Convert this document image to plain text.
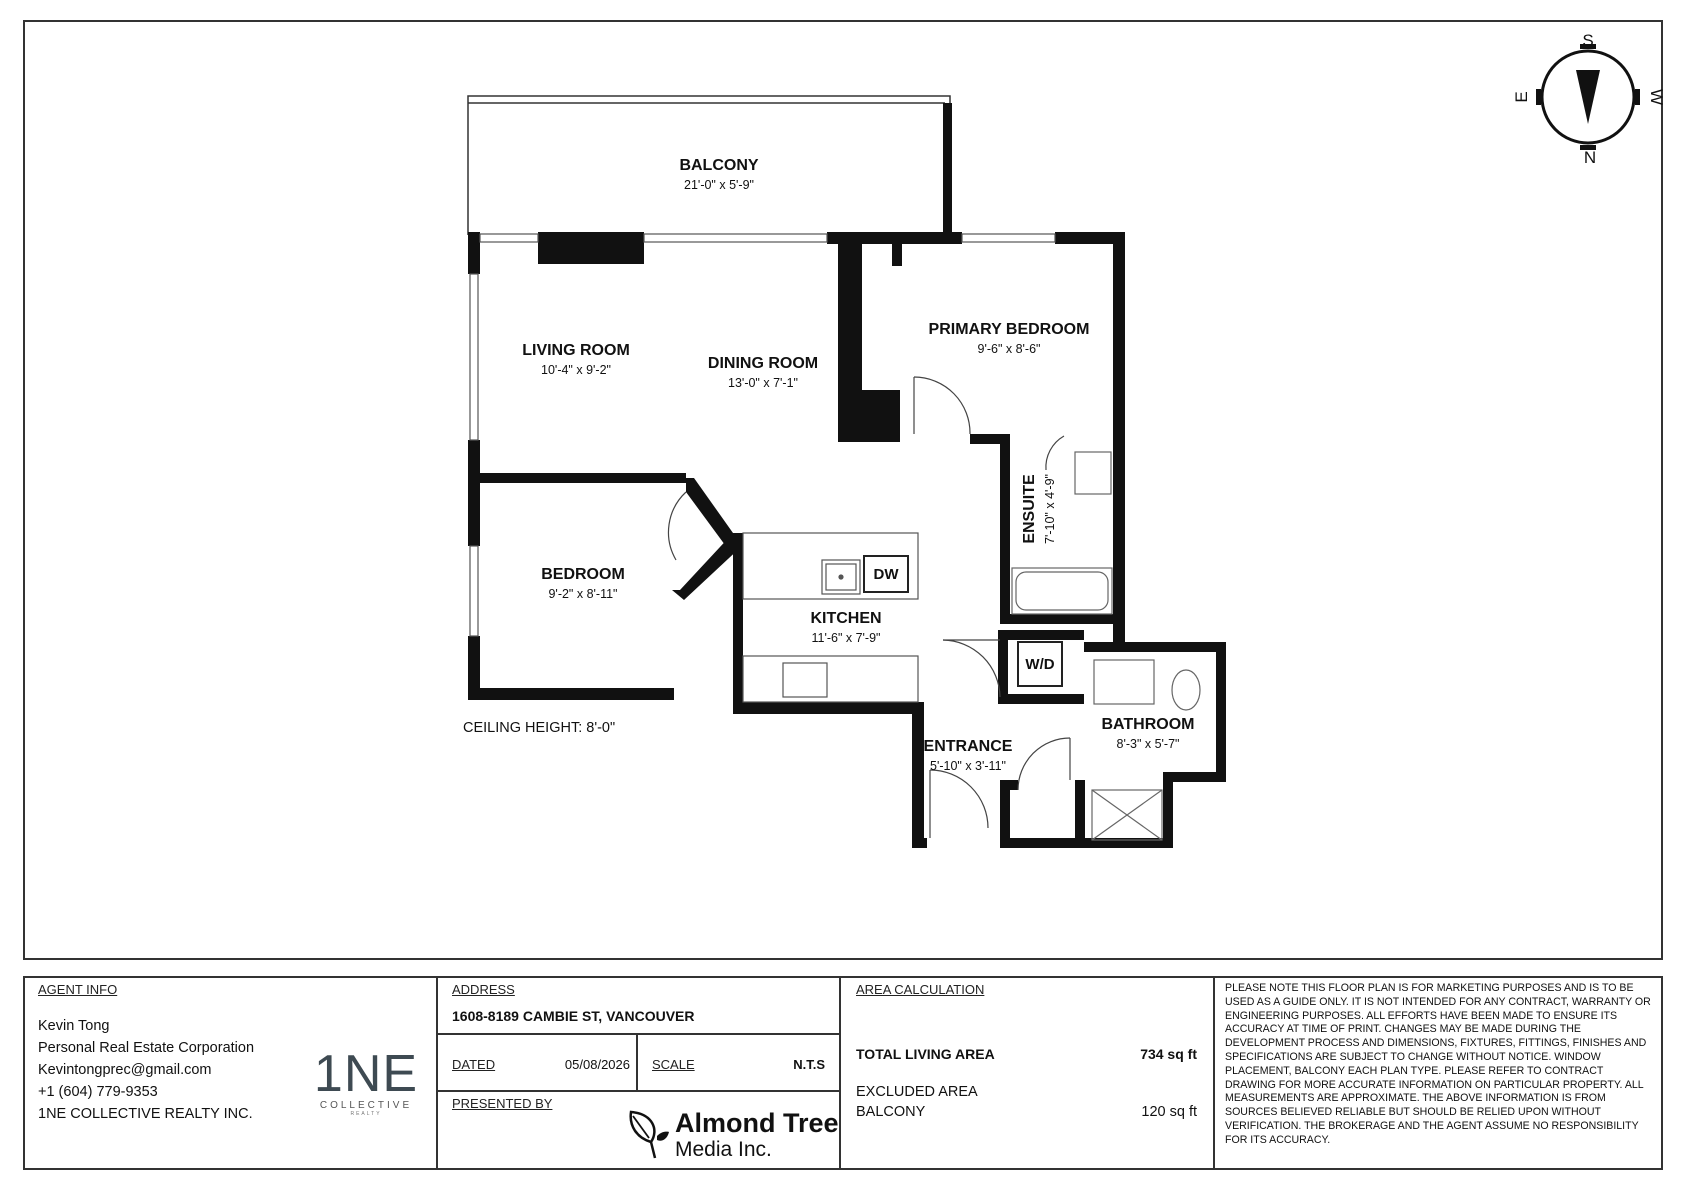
DW
W/D
BALCONY
21'-0" x 5'-9"
LIVING ROOM
10'-4" x 9'-2"	DINING ROOM
13'-0" x 7'-1"
PRIMARY BEDROOM
9'-6" x 8'-6"
ENSUITE 7'-10" x 4'-9"
BEDROOM
9'-2" x 8'-11"
KITCHEN
11'-6" x 7'-9"
ENTRANCE
5'-10" x 3'-11"
BATHROOM
8'-3" x 5'-7"
CEILING HEIGHT: 8'-0"
S
N
E	W
AGENT INFO
Kevin Tong
Personal Real Estate Corporation
Kevintongprec@gmail.com
+1 (604) 779-9353
1NE COLLECTIVE REALTY INC.
1NE
COLLECTIVE
REALTY
ADDRESS
1608-8189 CAMBIE ST, VANCOUVER
DATED	05/08/2026 SCALE	N.T.S
PRESENTED BY
Almond Tree
Media Inc.
AREA CALCULATION
TOTAL LIVING AREA	734 sq ft
EXCLUDED AREA
BALCONY	120 sq ft
PLEASE NOTE THIS FLOOR PLAN IS FOR MARKETING PURPOSES AND IS TO BE USED AS A GUIDE ONLY. IT IS NOT INTENDED FOR ANY CONTRACT, WARRANTY OR ENGINEERING PURPOSES. ALL EFFORTS HAVE BEEN MADE TO ENSURE ITS ACCURACY AT TIME OF PRINT. CHANGES MAY BE MADE DURING THE DEVELOPMENT PROCESS AND DIMENSIONS, FIXTURES, FITTINGS, FINISHES AND SPECIFICATIONS ARE SUBJECT TO CHANGE WITHOUT NOTICE. WINDOW PLACEMENT, BALCONY EACH PLAN TYPE. PLEASE REFER TO CONTRACT DRAWING FOR MORE ACCURATE INFORMATION ON PARTICULAR PROPERTY. ALL MEASUREMENTS ARE APPROXIMATE. THE ABOVE INFORMATION IS FROM SOURCES BELIEVED RELIABLE BUT SHOULD BE RELIED UPON WITHOUT VERIFICATION. THE BROKERAGE AND THE AGENT ASSUME NO RESPONSIBILITY FOR ITS ACCURACY.
